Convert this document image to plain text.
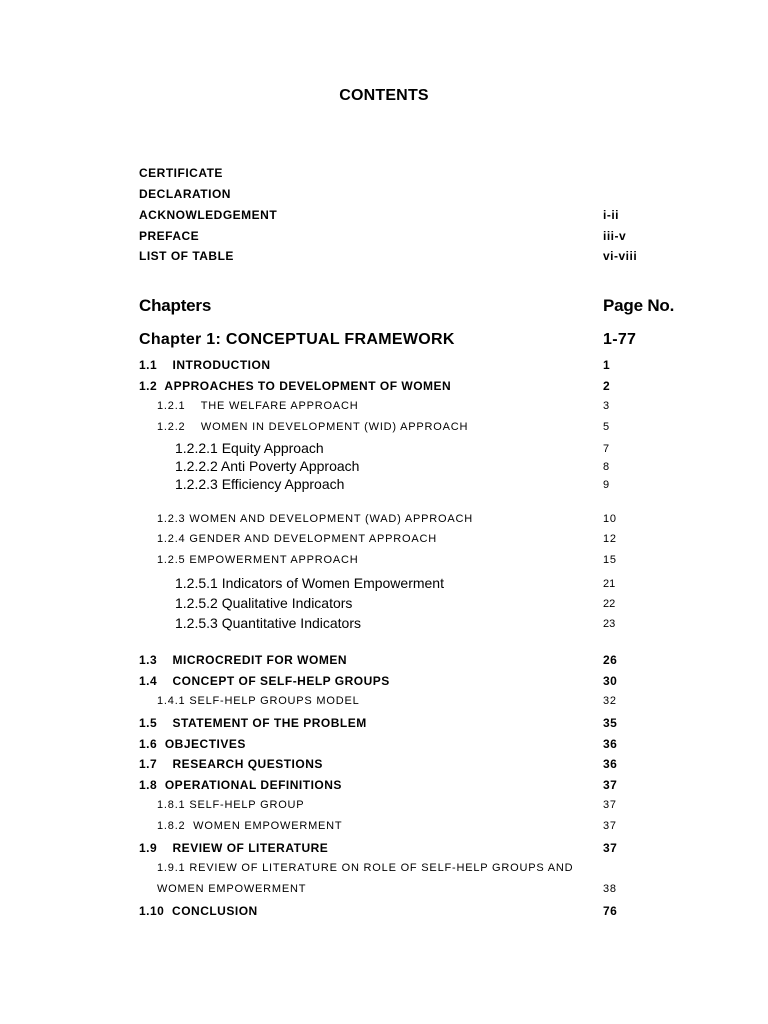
CONTENTS
CERTIFICATE
DECLARATION
ACKNOWLEDGEMENT	i-ii
PREFACE	iii-v
LIST OF TABLE	vi-viii
Chapters	Page No.
Chapter 1: CONCEPTUAL FRAMEWORK	1-77
1.1    INTRODUCTION	1
1.2  APPROACHES TO DEVELOPMENT OF WOMEN	2
1.2.1    THE WELFARE APPROACH	3
1.2.2    WOMEN IN DEVELOPMENT (WID) APPROACH	5
1.2.2.1 Equity Approach	7
1.2.2.2 Anti Poverty Approach	8
1.2.2.3 Efficiency Approach	9
1.2.3 WOMEN AND DEVELOPMENT (WAD) APPROACH	10
1.2.4 GENDER AND DEVELOPMENT APPROACH	12
1.2.5 EMPOWERMENT APPROACH	15
1.2.5.1 Indicators of Women Empowerment	21
1.2.5.2 Qualitative Indicators	22
1.2.5.3 Quantitative Indicators	23
1.3    MICROCREDIT FOR WOMEN	26
1.4    CONCEPT OF SELF-HELP GROUPS	30
1.4.1 SELF-HELP GROUPS MODEL	32
1.5    STATEMENT OF THE PROBLEM	35
1.6  OBJECTIVES	36
1.7    RESEARCH QUESTIONS	36
1.8  OPERATIONAL DEFINITIONS	37
1.8.1 SELF-HELP GROUP	37
1.8.2  WOMEN EMPOWERMENT	37
1.9    REVIEW OF LITERATURE	37
1.9.1 REVIEW OF LITERATURE ON ROLE OF SELF-HELP GROUPS AND
WOMEN EMPOWERMENT	38
1.10  CONCLUSION	76
